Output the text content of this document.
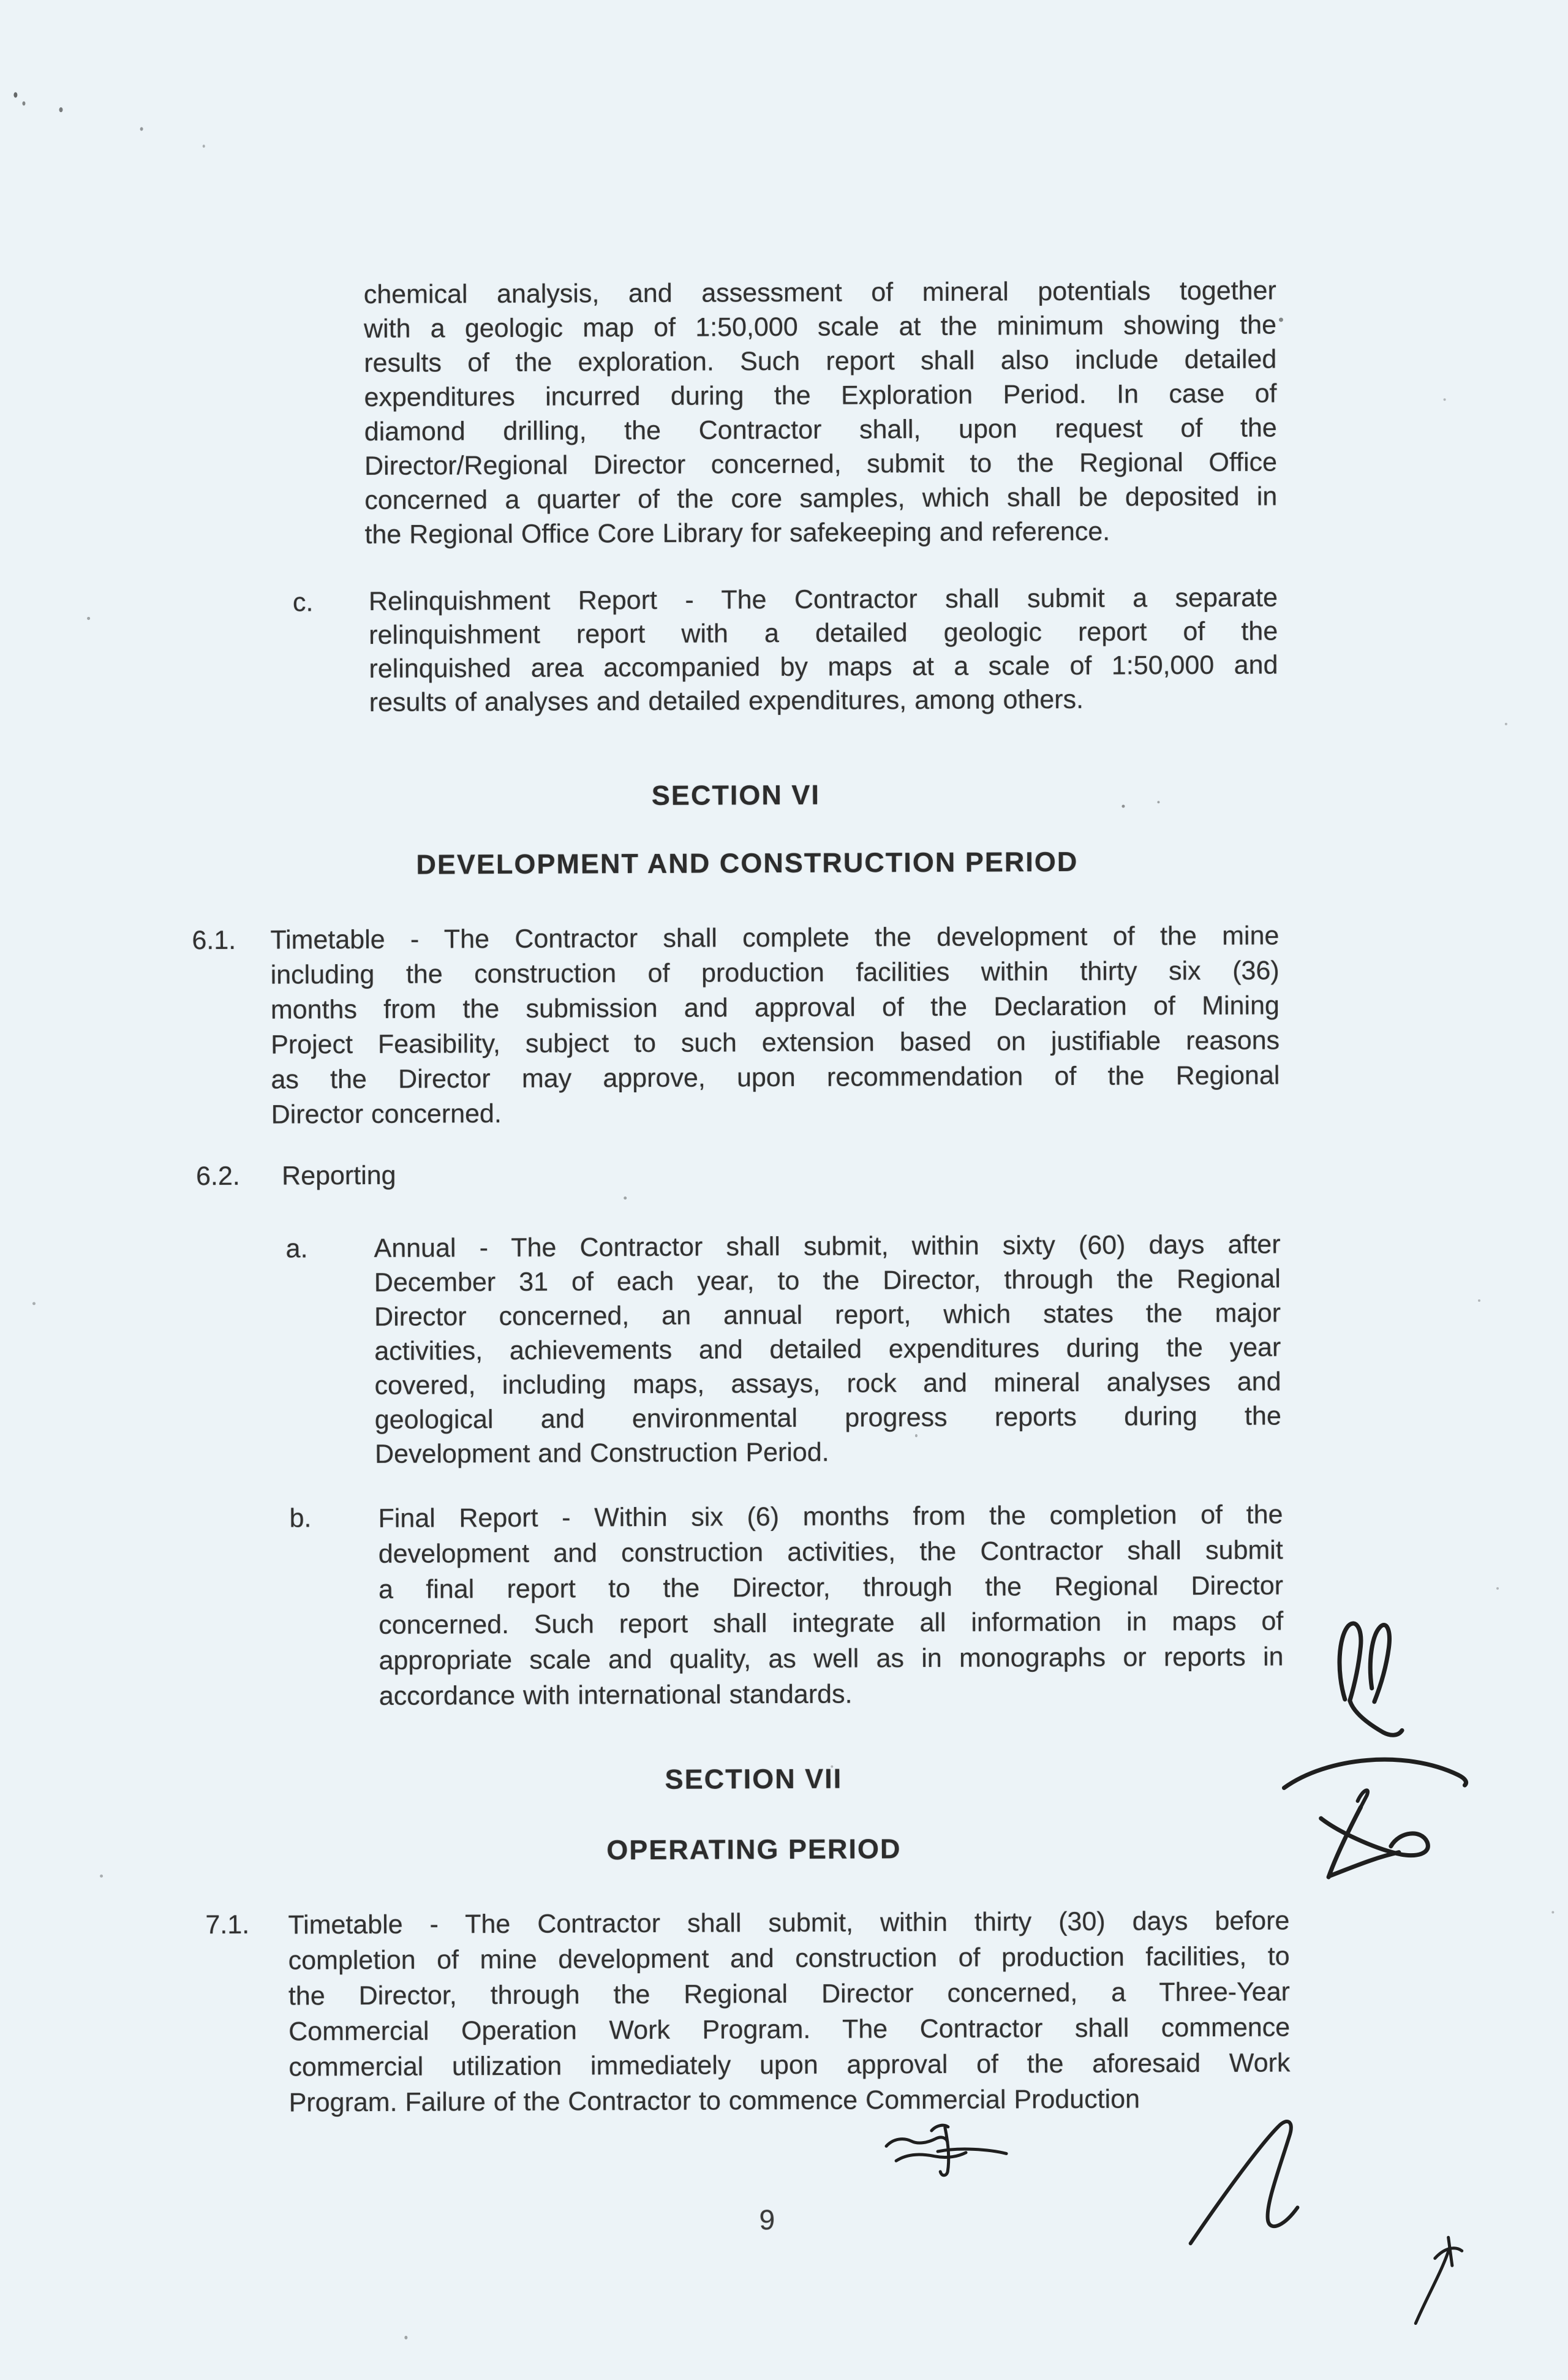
chemical analysis, and assessment of mineral potentials together
with a geologic map of 1:50,000 scale at the minimum showing the
results of the exploration. Such report shall also include detailed
expenditures incurred during the Exploration Period. In case of
diamond drilling, the Contractor shall, upon request of the
Director/Regional Director concerned, submit to the Regional Office
concerned a quarter of the core samples, which shall be deposited in
the Regional Office Core Library for safekeeping and reference.
c. Relinquishment Report - The Contractor shall submit a separate
relinquishment report with a detailed geologic report of the
relinquished area accompanied by maps at a scale of 1:50,000 and
results of analyses and detailed expenditures, among others.
SECTION VI
DEVELOPMENT AND CONSTRUCTION PERIOD
6.1. Timetable - The Contractor shall complete the development of the mine
including the construction of production facilities within thirty six (36)
months from the submission and approval of the Declaration of Mining
Project Feasibility, subject to such extension based on justifiable reasons
as the Director may approve, upon recommendation of the Regional
Director concerned.
6.2. Reporting
a.	Annual - The Contractor shall submit, within sixty (60) days after
December 31 of each year, to the Director, through the Regional
Director concerned, an annual report, which states the major
activities, achievements and detailed expenditures during the year
covered, including maps, assays, rock and mineral analyses and
geological and environmental progress reports during the
Development and Construction Period.
b.	Final Report - Within six (6) months from the completion of the
development and construction activities, the Contractor shall submit
a final report to the Director, through the Regional Director
concerned. Such report shall integrate all information in maps of
appropriate scale and quality, as well as in monographs or reports in
accordance with international standards.
SECTION VII
OPERATING PERIOD
7.1. Timetable - The Contractor shall submit, within thirty (30) days before
completion of mine development and construction of production facilities, to
the Director, through the Regional Director concerned, a Three-Year
Commercial Operation Work Program. The Contractor shall commence
commercial utilization immediately upon approval of the aforesaid Work
Program. Failure of the Contractor to commence Commercial Production
9
